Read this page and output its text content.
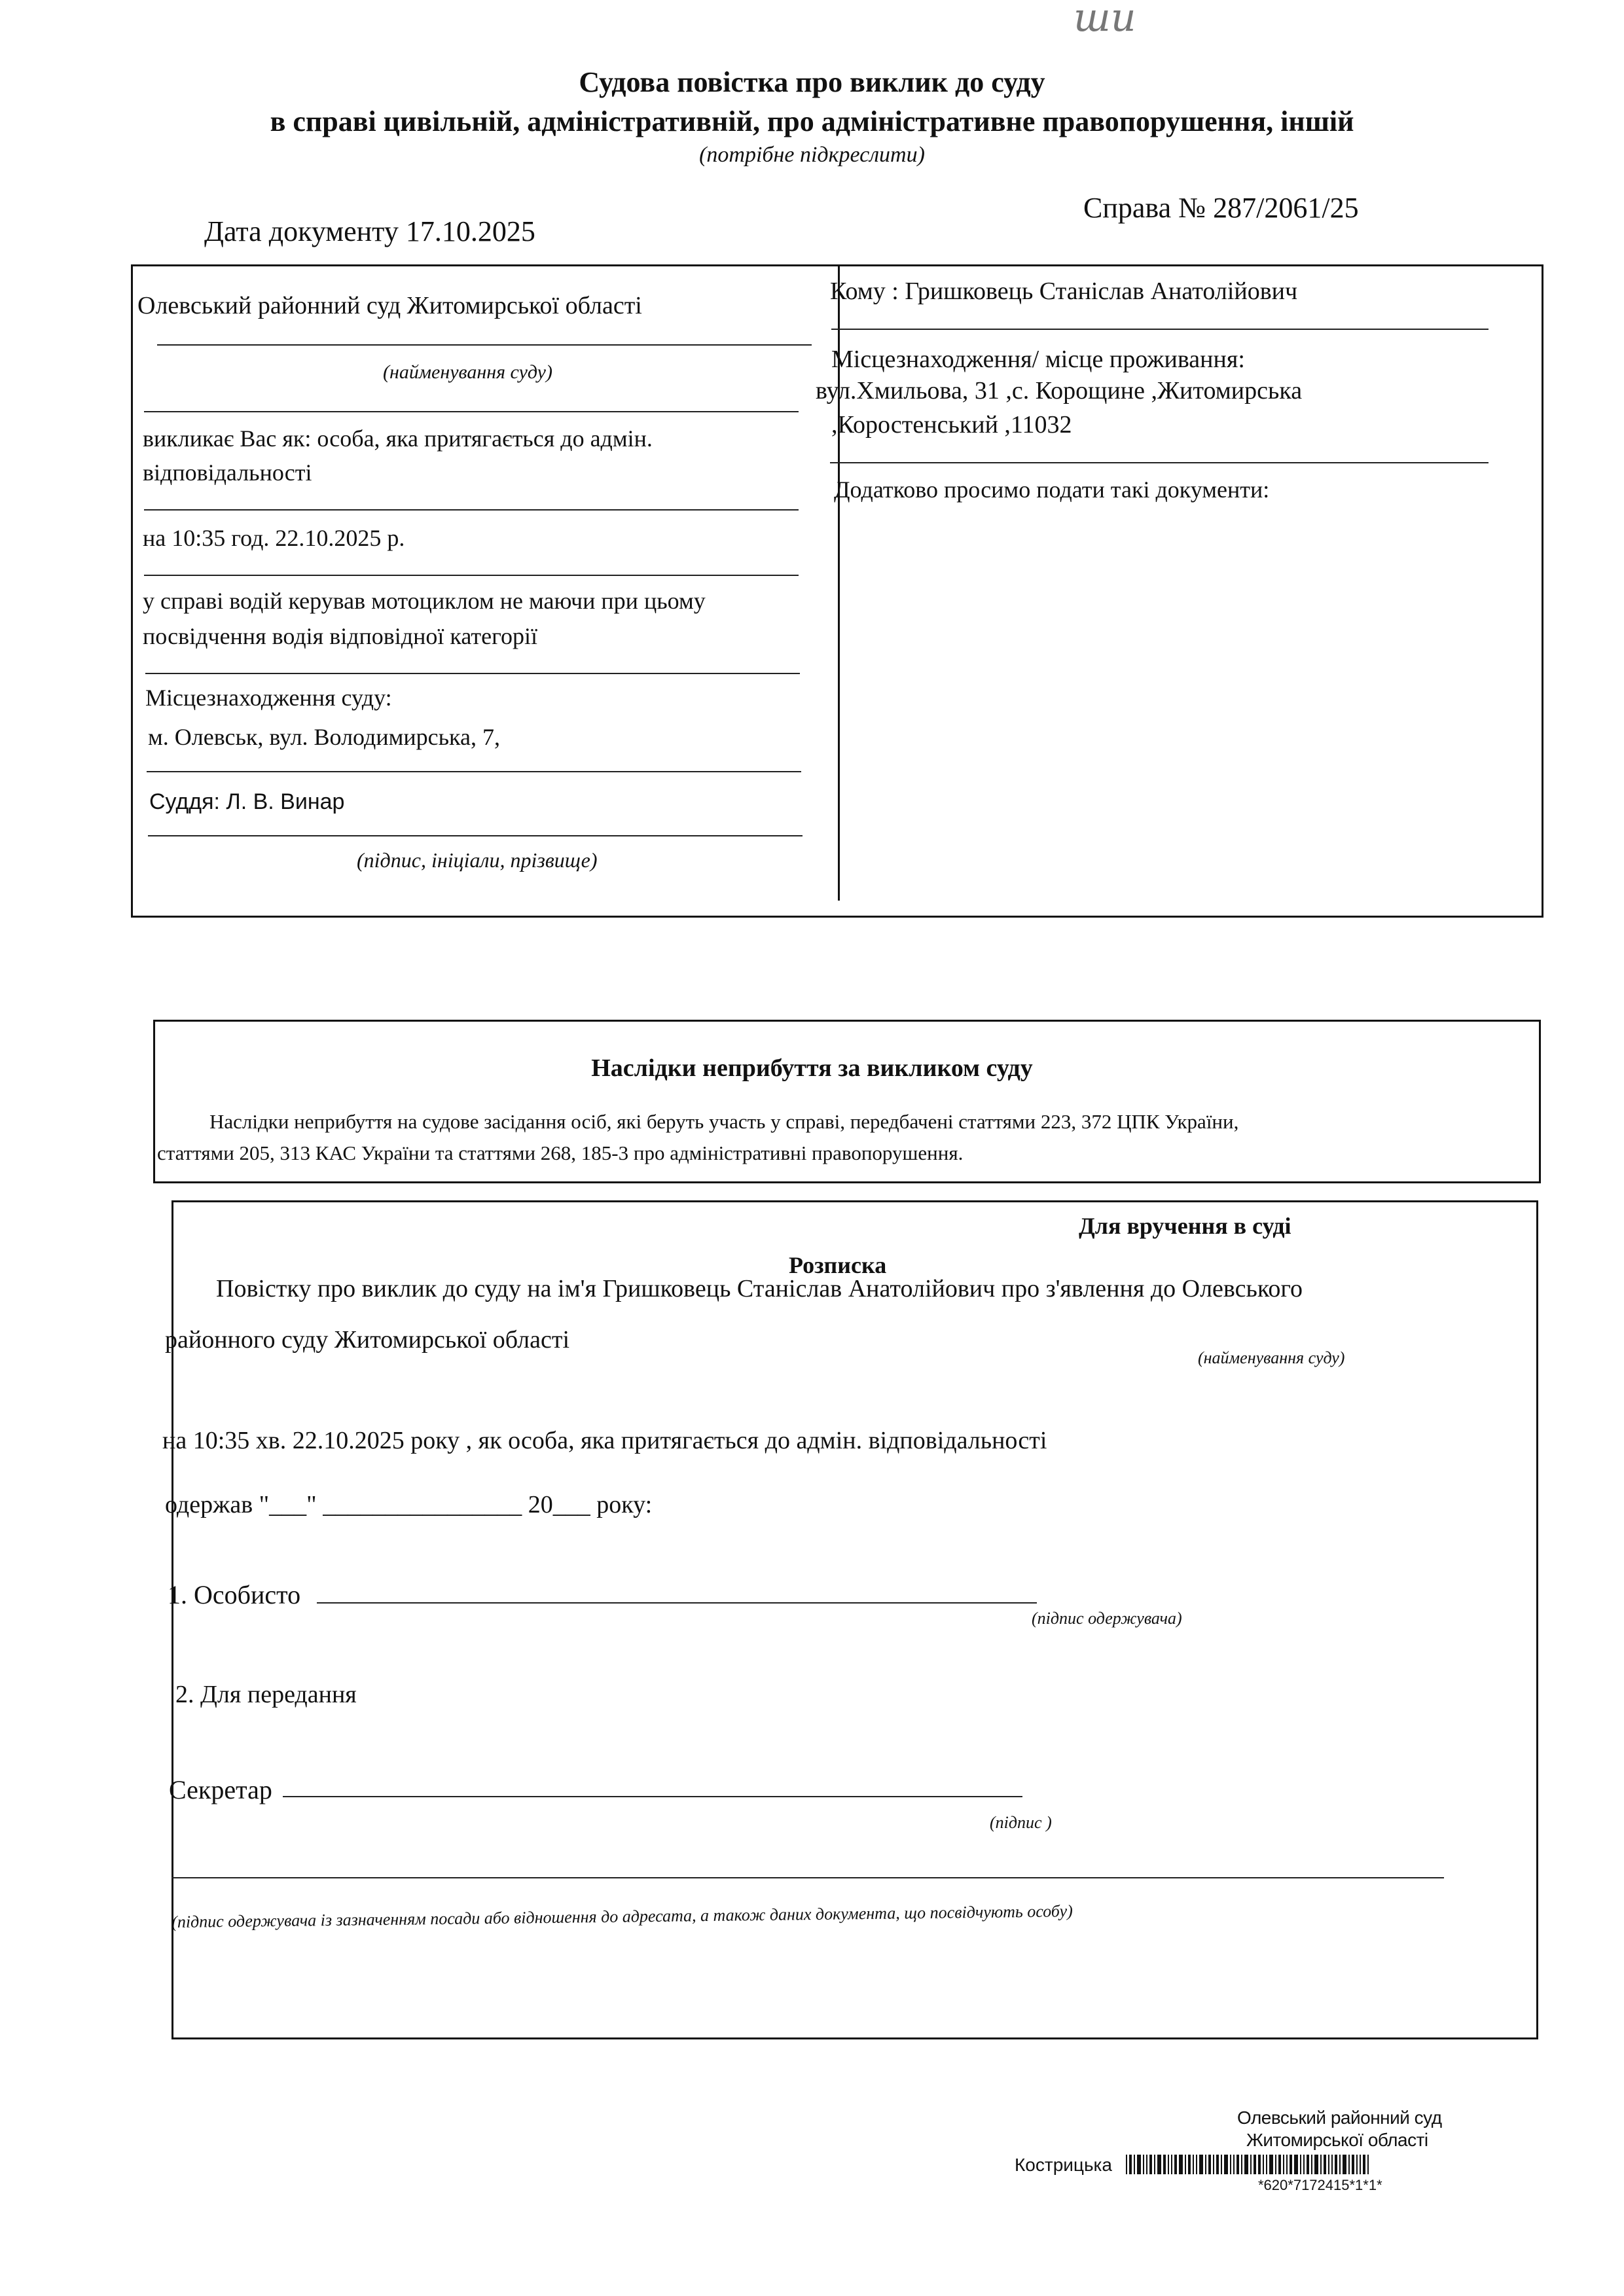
ши
Судова повістка про виклик до суду
в справі цивільній, адміністративній, про адміністративне правопорушення, іншій
(потрібне підкреслити)
Дата документу 17.10.2025
Справа № 287/2061/25
Олевський районний суд Житомирської області
(найменування суду)
викликає Вас як: особа, яка притягається до адмін.
відповідальності
на 10:35 год. 22.10.2025 р.
у справі водій керував мотоциклом не маючи при цьому
посвідчення водія відповідної категорії
Місцезнаходження суду:
м. Олевськ, вул. Володимирська, 7,
Суддя: Л. В. Винар
(підпис, ініціали, прізвище)
Кому : Гришковець Станіслав Анатолійович
Місцезнаходження/ місце проживання:
вул.Хмильова, 31 ,с. Корощине ,Житомирська
,Коростенський ,11032
Додатково просимо подати такі документи:
Наслідки неприбуття за викликом суду
Наслідки неприбуття на судове засідання осіб, які беруть участь у справі, передбачені статтями 223, 372 ЦПК України,
статтями 205, 313 КАС України та статтями 268, 185-3 про адміністративні правопорушення.
Для вручення в суді
Розписка
Повістку про виклик до суду на ім'я Гришковець Станіслав Анатолійович про з'явлення до Олевського
районного суду Житомирської області
(найменування суду)
на 10:35 хв. 22.10.2025 року , як особа, яка притягається до адмін. відповідальності
одержав "___" ________________ 20___ року:
1. Особисто
(підпис одержувача)
2. Для передання
Секретар
(підпис )
(підпис одержувача із зазначенням посади або відношення до адресата, а також даних документа, що посвідчують особу)
Олевський районний суд
Житомирської області
Кострицька
*620*7172415*1*1*
